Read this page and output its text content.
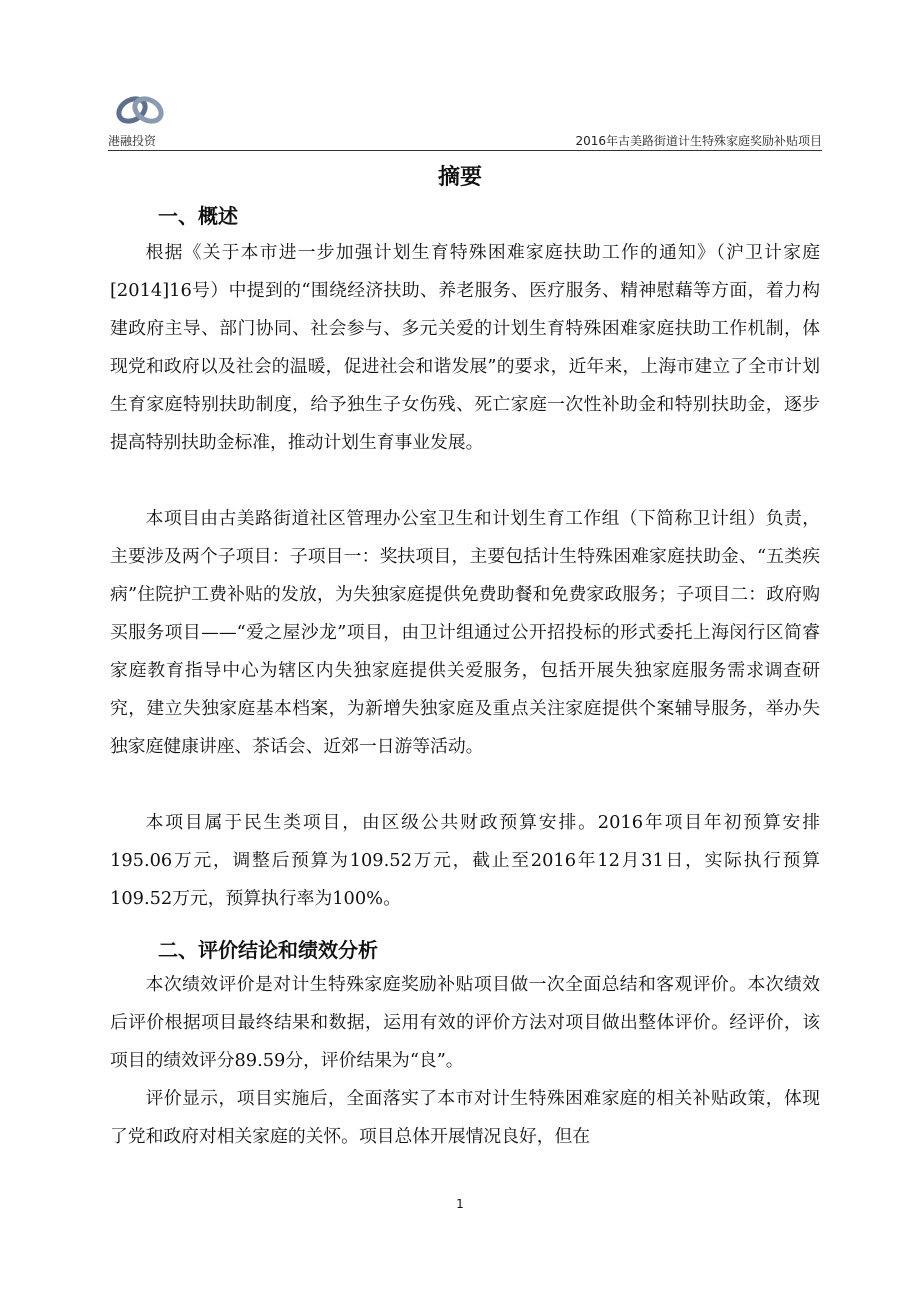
港融投资	2016年古美路街道计生特殊家庭奖励补贴项目
摘要
一、概述

根据《关于本市进一步加强计划生育特殊困难家庭扶助工作的通知》（沪卫计家庭[2014]16号）中提到的“围绕经济扶助、养老服务、医疗服务、精神慰藉等方面，着力构建政府主导、部门协同、社会参与、多元关爱的计划生育特殊困难家庭扶助工作机制，体现党和政府以及社会的温暖，促进社会和谐发展”的要求，近年来，上海市建立了全市计划生育家庭特别扶助制度，给予独生子女伤残、死亡家庭一次性补助金和特别扶助金，逐步提高特别扶助金标准，推动计划生育事业发展。

本项目由古美路街道社区管理办公室卫生和计划生育工作组（下简称卫计组）负责，主要涉及两个子项目：子项目一：奖扶项目，主要包括计生特殊困难家庭扶助金、“五类疾病”住院护工费补贴的发放，为失独家庭提供免费助餐和免费家政服务；子项目二：政府购买服务项目——“爱之屋沙龙”项目，由卫计组通过公开招投标的形式委托上海闵行区简睿家庭教育指导中心为辖区内失独家庭提供关爱服务，包括开展失独家庭服务需求调查研究，建立失独家庭基本档案，为新增失独家庭及重点关注家庭提供个案辅导服务，举办失独家庭健康讲座、茶话会、近郊一日游等活动。

本项目属于民生类项目，由区级公共财政预算安排。2016年项目年初预算安排195.06万元，调整后预算为109.52万元，截止至2016年12月31日，实际执行预算109.52万元，预算执行率为100%。

二、评价结论和绩效分析

本次绩效评价是对计生特殊家庭奖励补贴项目做一次全面总结和客观评价。本次绩效后评价根据项目最终结果和数据，运用有效的评价方法对项目做出整体评价。经评价，该项目的绩效评分89.59分，评价结果为“良”。

评价显示，项目实施后，全面落实了本市对计生特殊困难家庭的相关补贴政策，体现了党和政府对相关家庭的关怀。项目总体开展情况良好，但在

1
